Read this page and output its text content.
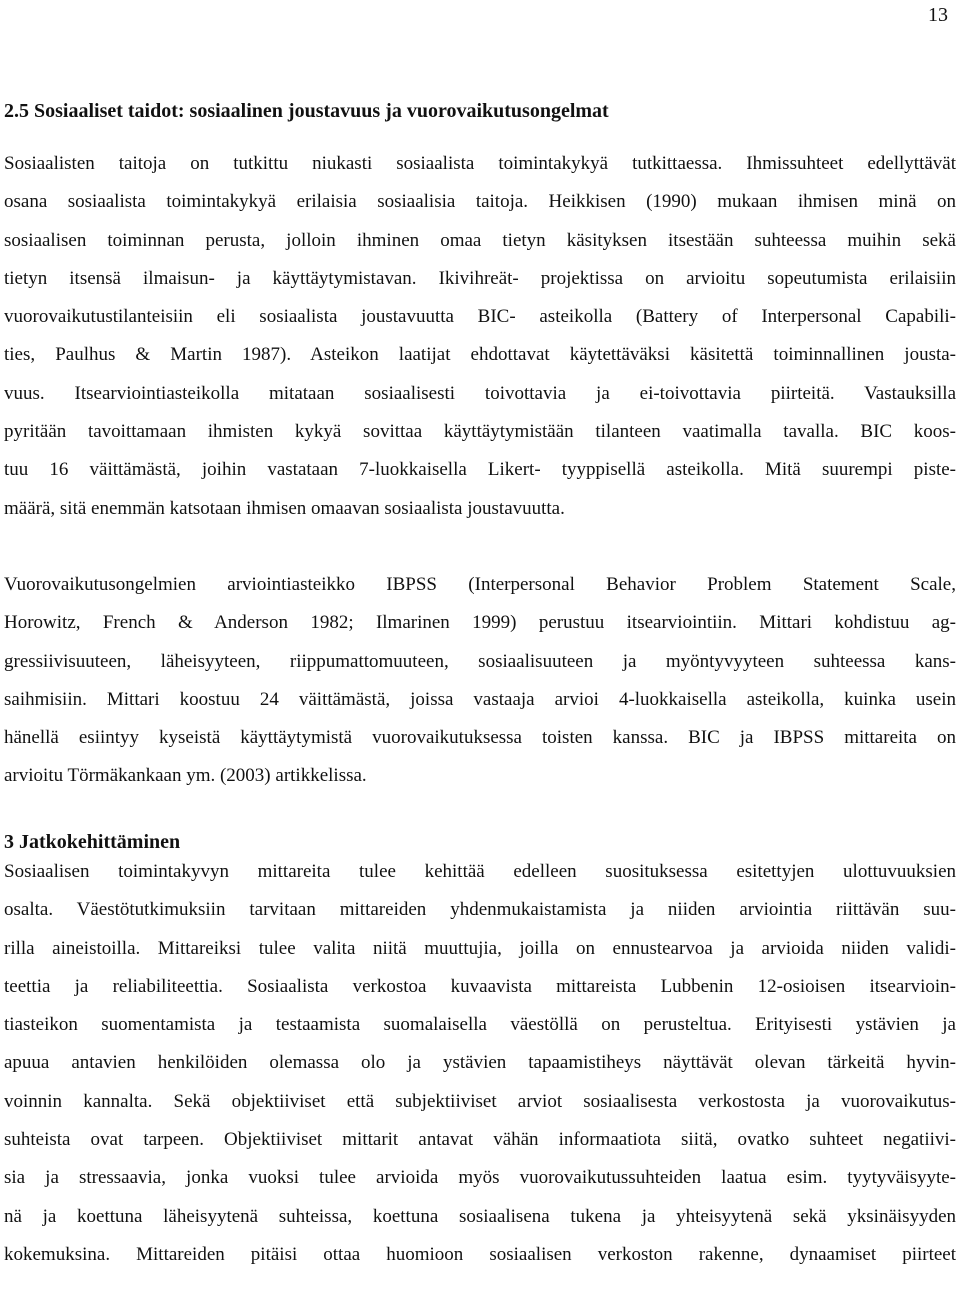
13
2.5 Sosiaaliset taidot: sosiaalinen joustavuus ja vuorovaikutusongelmat
Sosiaalisten taitoja on tutkittu niukasti sosiaalista toimintakykyä tutkittaessa. Ihmissuhteet edellyttävät
osana sosiaalista toimintakykyä erilaisia sosiaalisia taitoja. Heikkisen (1990) mukaan ihmisen minä on
sosiaalisen toiminnan perusta, jolloin ihminen omaa tietyn käsityksen itsestään suhteessa muihin sekä
tietyn itsensä ilmaisun- ja käyttäytymistavan. Ikivihreät- projektissa on arvioitu sopeutumista erilaisiin
vuorovaikutustilanteisiin eli sosiaalista joustavuutta BIC- asteikolla (Battery of Interpersonal Capabili-
ties, Paulhus & Martin 1987). Asteikon laatijat ehdottavat käytettäväksi käsitettä toiminnallinen jousta-
vuus. Itsearviointiasteikolla mitataan sosiaalisesti toivottavia ja ei-toivottavia piirteitä. Vastauksilla
pyritään tavoittamaan ihmisten kykyä sovittaa käyttäytymistään tilanteen vaatimalla tavalla. BIC koos-
tuu 16 väittämästä, joihin vastataan 7-luokkaisella Likert- tyyppisellä asteikolla. Mitä suurempi piste-
määrä, sitä enemmän katsotaan ihmisen omaavan sosiaalista joustavuutta.
Vuorovaikutusongelmien arviointiasteikko IBPSS (Interpersonal Behavior Problem Statement Scale,
Horowitz, French & Anderson 1982; Ilmarinen 1999) perustuu itsearviointiin. Mittari kohdistuu ag-
gressiivisuuteen, läheisyyteen, riippumattomuuteen, sosiaalisuuteen ja myöntyvyyteen suhteessa kans-
saihmisiin. Mittari koostuu 24 väittämästä, joissa vastaaja arvioi 4-luokkaisella asteikolla, kuinka usein
hänellä esiintyy kyseistä käyttäytymistä vuorovaikutuksessa toisten kanssa. BIC ja IBPSS mittareita on
arvioitu Törmäkankaan ym. (2003) artikkelissa.
3 Jatkokehittäminen
Sosiaalisen toimintakyvyn mittareita tulee kehittää edelleen suosituksessa esitettyjen ulottuvuuksien
osalta. Väestötutkimuksiin tarvitaan mittareiden yhdenmukaistamista ja niiden arviointia riittävän suu-
rilla aineistoilla. Mittareiksi tulee valita niitä muuttujia, joilla on ennustearvoa ja arvioida niiden validi-
teettia ja reliabiliteettia. Sosiaalista verkostoa kuvaavista mittareista Lubbenin 12-osioisen itsearvioin-
tiasteikon suomentamista ja testaamista suomalaisella väestöllä on perusteltua. Erityisesti ystävien ja
apuua antavien henkilöiden olemassa olo ja ystävien tapaamistiheys näyttävät olevan tärkeitä hyvin-
voinnin kannalta. Sekä objektiiviset että subjektiiviset arviot sosiaalisesta verkostosta ja vuorovaikutus-
suhteista ovat tarpeen. Objektiiviset mittarit antavat vähän informaatiota siitä, ovatko suhteet negatiivi-
sia ja stressaavia, jonka vuoksi tulee arvioida myös vuorovaikutussuhteiden laatua esim. tyytyväisyyte-
nä ja koettuna läheisyytenä suhteissa, koettuna sosiaalisena tukena ja yhteisyytenä sekä yksinäisyyden
kokemuksina. Mittareiden pitäisi ottaa huomioon sosiaalisen verkoston rakenne, dynaamiset piirteet
